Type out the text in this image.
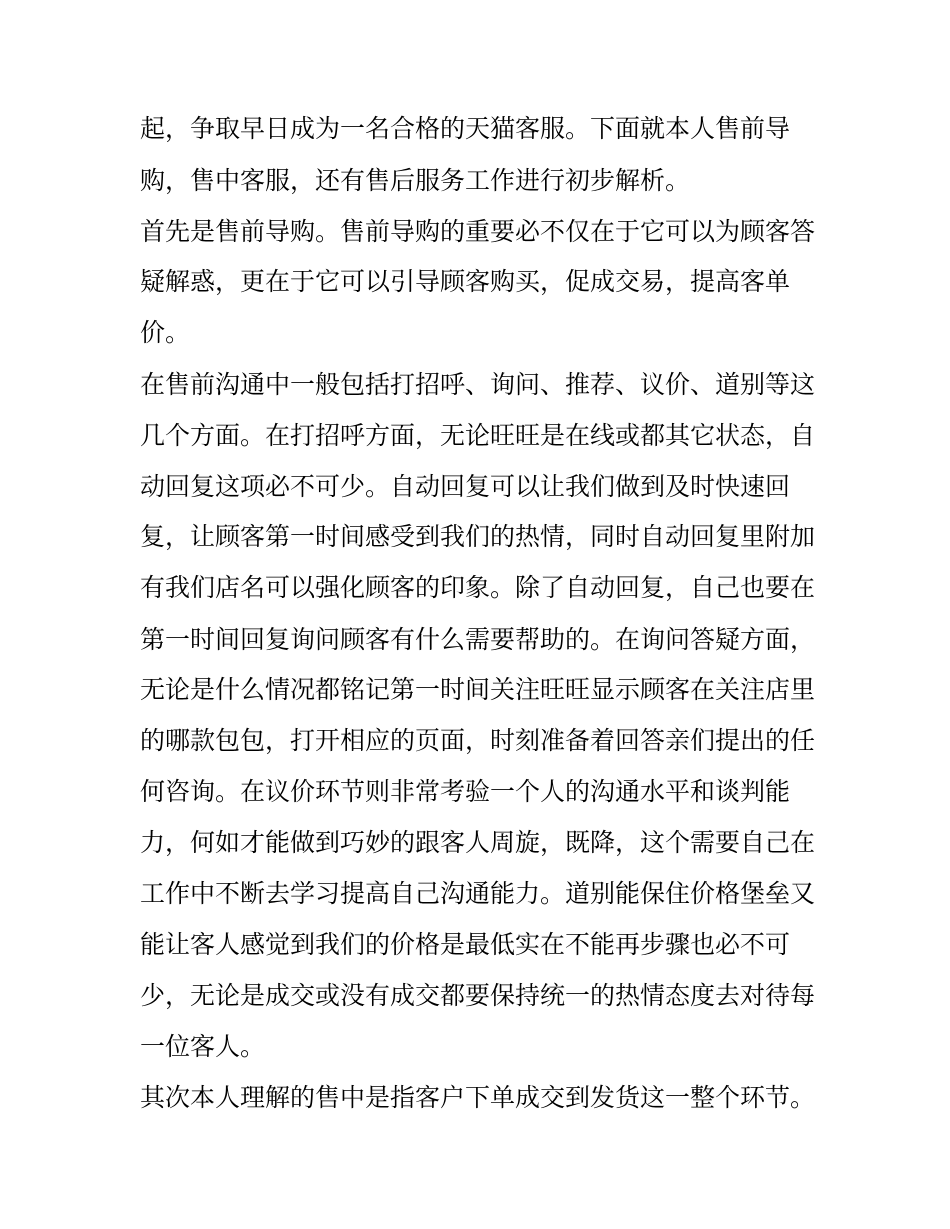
起，争取早日成为一名合格的天猫客服。下面就本人售前导
购，售中客服，还有售后服务工作进行初步解析。
首先是售前导购。售前导购的重要必不仅在于它可以为顾客答
疑解惑，更在于它可以引导顾客购买，促成交易，提高客单
价。
在售前沟通中一般包括打招呼、询问、推荐、议价、道别等这
几个方面。在打招呼方面，无论旺旺是在线或都其它状态，自
动回复这项必不可少。自动回复可以让我们做到及时快速回
复，让顾客第一时间感受到我们的热情，同时自动回复里附加
有我们店名可以强化顾客的印象。除了自动回复，自己也要在
第一时间回复询问顾客有什么需要帮助的。在询问答疑方面，
无论是什么情况都铭记第一时间关注旺旺显示顾客在关注店里
的哪款包包，打开相应的页面，时刻准备着回答亲们提出的任
何咨询。在议价环节则非常考验一个人的沟通水平和谈判能
力，何如才能做到巧妙的跟客人周旋，既降，这个需要自己在
工作中不断去学习提高自己沟通能力。道别能保住价格堡垒又
能让客人感觉到我们的价格是最低实在不能再步骤也必不可
少，无论是成交或没有成交都要保持统一的热情态度去对待每
一位客人。
其次本人理解的售中是指客户下单成交到发货这一整个环节。
